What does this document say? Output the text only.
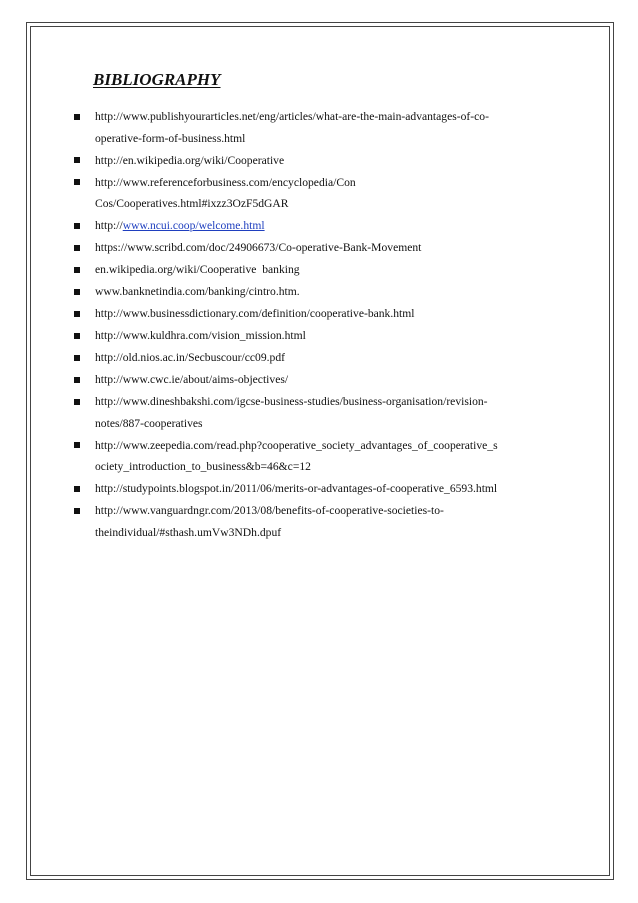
BIBLIOGRAPHY
http://www.publishyourarticles.net/eng/articles/what-are-the-main-advantages-of-co-
operative-form-of-business.html
http://en.wikipedia.org/wiki/Cooperative
http://www.referenceforbusiness.com/encyclopedia/Con
Cos/Cooperatives.html#ixzz3OzF5dGAR
http://www.ncui.coop/welcome.html
https://www.scribd.com/doc/24906673/Co-operative-Bank-Movement
en.wikipedia.org/wiki/Cooperative  banking
www.banknetindia.com/banking/cintro.htm.
http://www.businessdictionary.com/definition/cooperative-bank.html
http://www.kuldhra.com/vision_mission.html
http://old.nios.ac.in/Secbuscour/cc09.pdf
http://www.cwc.ie/about/aims-objectives/
http://www.dineshbakshi.com/igcse-business-studies/business-organisation/revision-
notes/887-cooperatives
http://www.zeepedia.com/read.php?cooperative_society_advantages_of_cooperative_s
ociety_introduction_to_business&b=46&c=12
http://studypoints.blogspot.in/2011/06/merits-or-advantages-of-cooperative_6593.html
http://www.vanguardngr.com/2013/08/benefits-of-cooperative-societies-to-
theindividual/#sthash.umVw3NDh.dpuf
